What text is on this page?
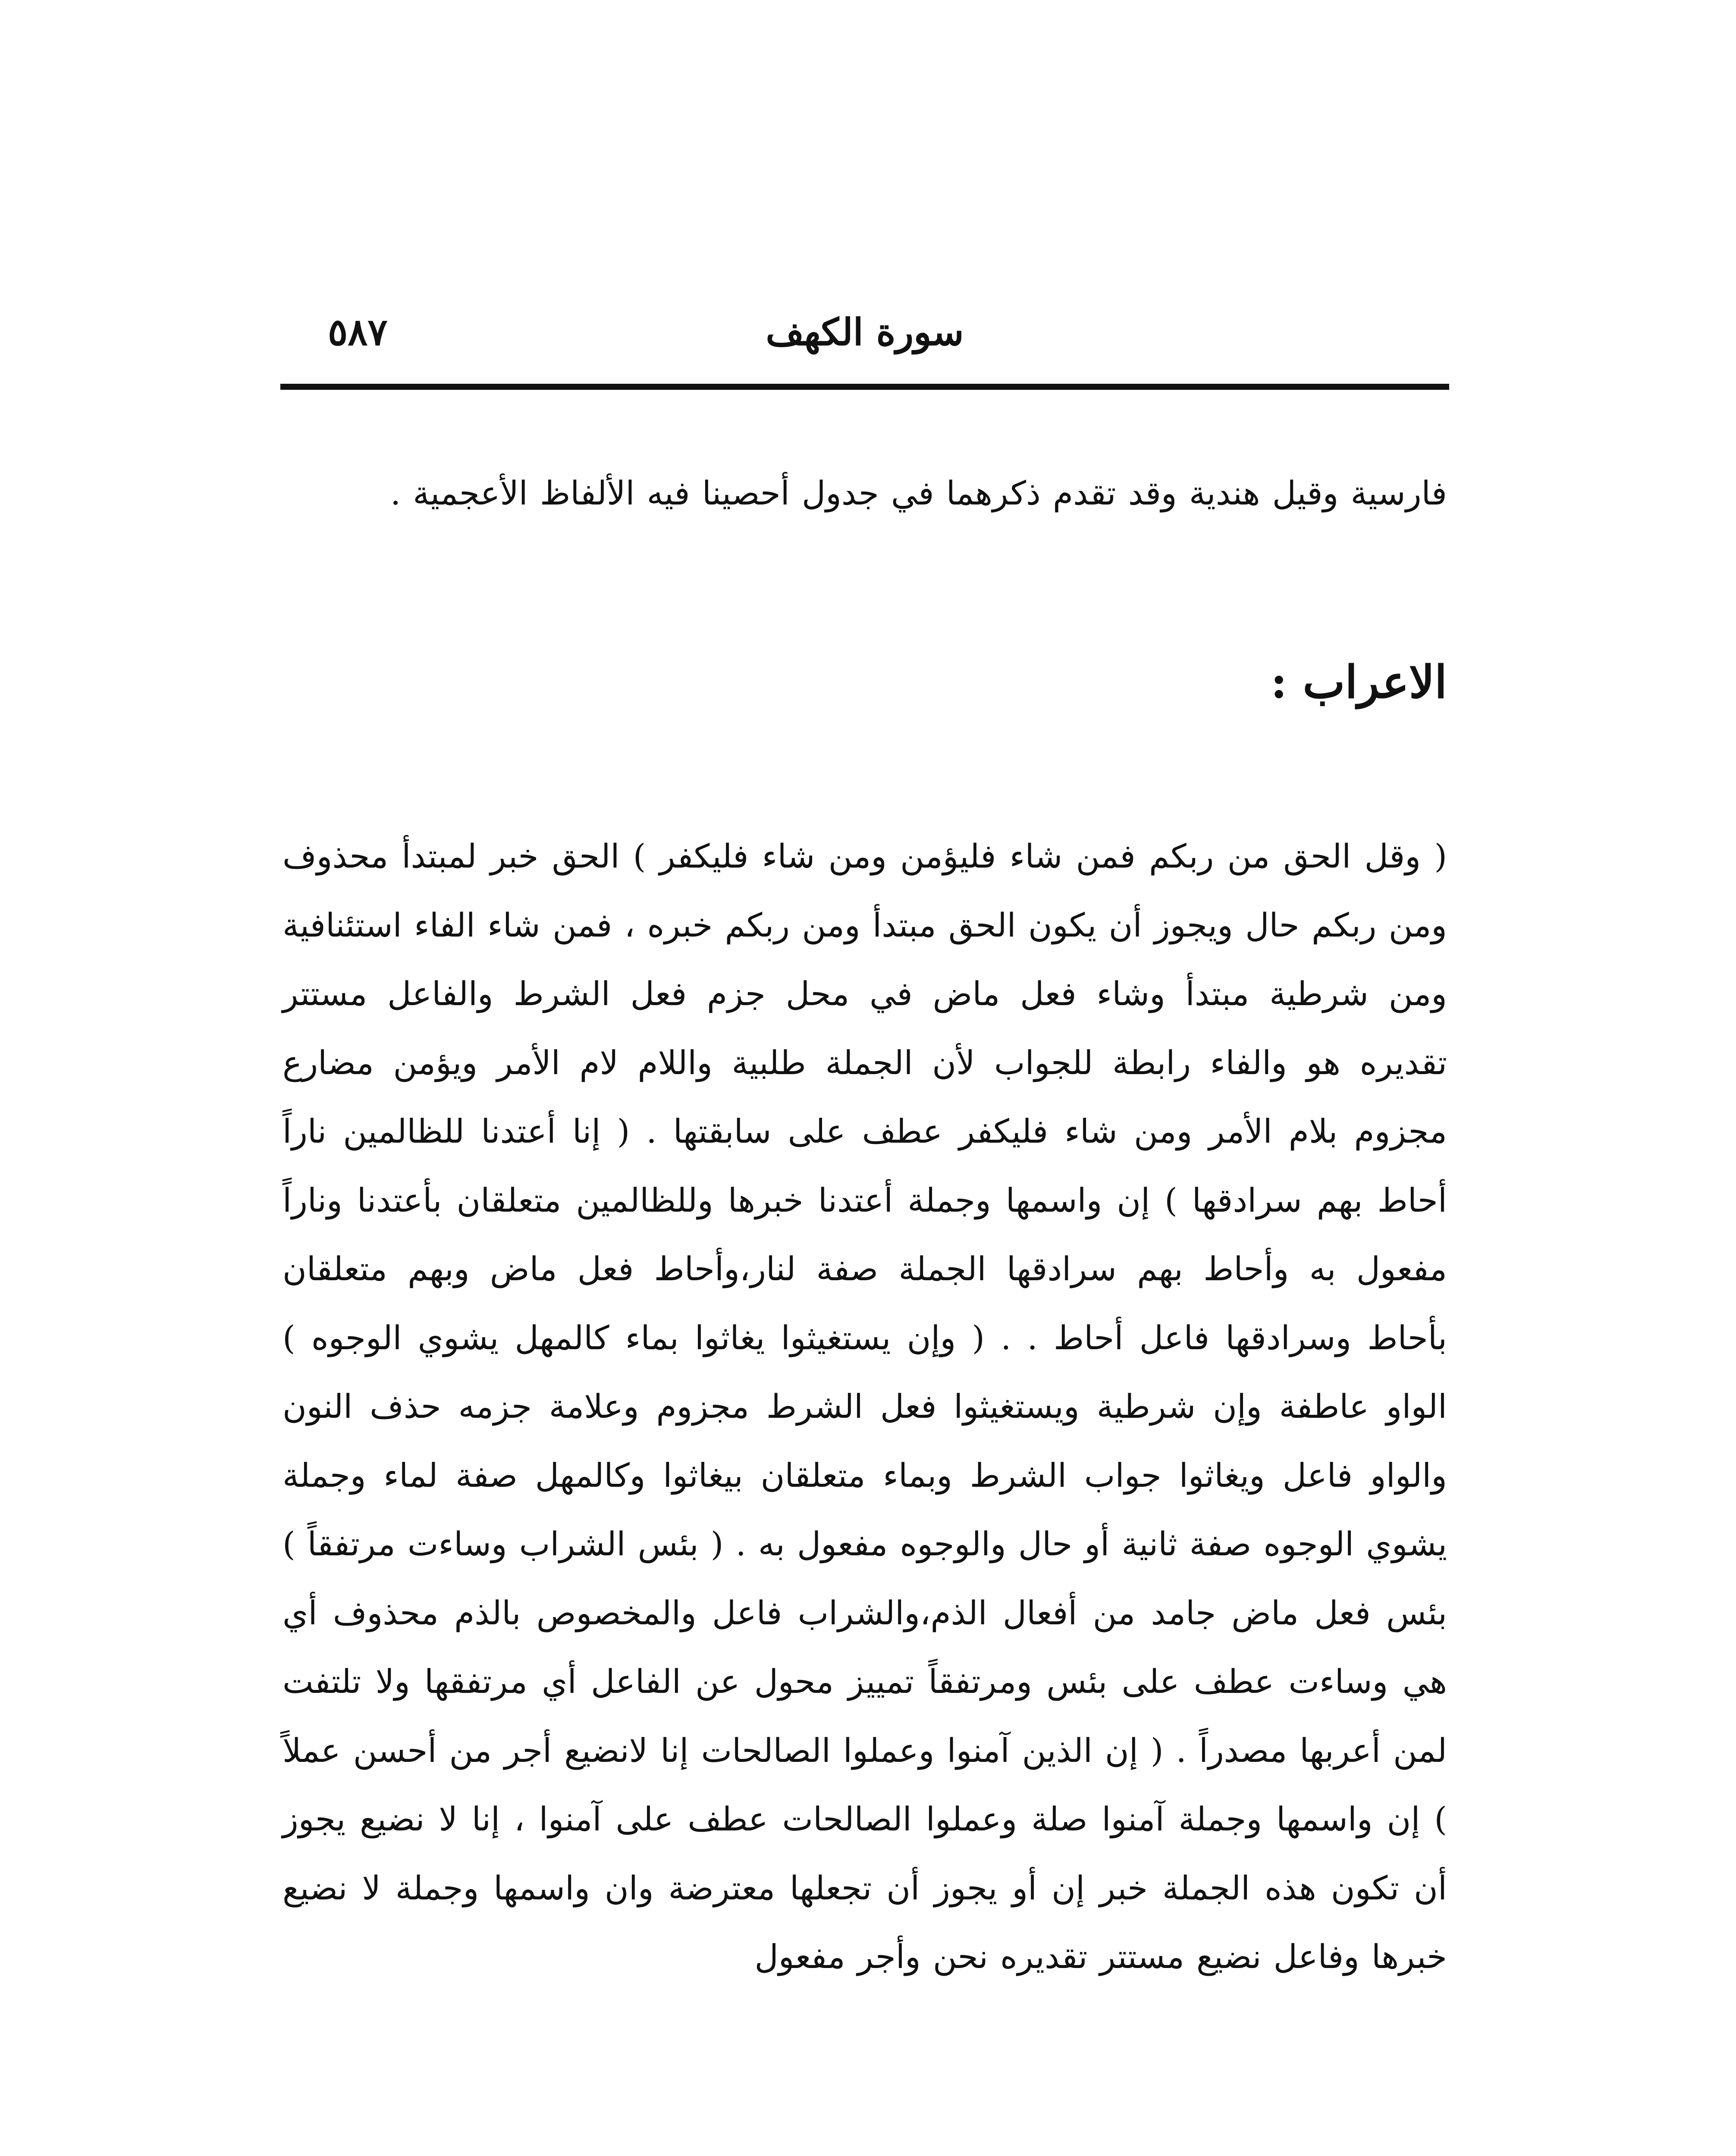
٥٨٧	سورة الكهف

فارسية وقيل هندية وقد تقدم ذكرهما في جدول أحصينا فيه الألفاظ الأعجمية .

الاعراب :

( وقل الحق من ربكم فمن شاء فليؤمن ومن شاء فليكفر ) الحق خبر لمبتدأ محذوف ومن ربكم حال ويجوز أن يكون الحق مبتدأ ومن ربكم خبره ، فمن شاء الفاء استئنافية ومن شرطية مبتدأ وشاء فعل ماض في محل جزم فعل الشرط والفاعل مستتر تقديره هو والفاء رابطة للجواب لأن الجملة طلبية واللام لام الأمر ويؤمن مضارع مجزوم بلام الأمر ومن شاء فليكفر عطف على سابقتها . ( إنا أعتدنا للظالمين ناراً أحاط بهم سرادقها ) إن واسمها وجملة أعتدنا خبرها وللظالمين متعلقان بأعتدنا وناراً مفعول به وأحاط بهم سرادقها الجملة صفة لنار،وأحاط فعل ماض وبهم متعلقان بأحاط وسرادقها فاعل أحاط . . ( وإن يستغيثوا يغاثوا بماء كالمهل يشوي الوجوه ) الواو عاطفة وإن شرطية ويستغيثوا فعل الشرط مجزوم وعلامة جزمه حذف النون والواو فاعل ويغاثوا جواب الشرط وبماء متعلقان بيغاثوا وكالمهل صفة لماء وجملة يشوي الوجوه صفة ثانية أو حال والوجوه مفعول به . ( بئس الشراب وساءت مرتفقاً ) بئس فعل ماض جامد من أفعال الذم،والشراب فاعل والمخصوص بالذم محذوف أي هي وساءت عطف على بئس ومرتفقاً تمييز محول عن الفاعل أي مرتفقها ولا تلتفت لمن أعربها مصدراً . ( إن الذين آمنوا وعملوا الصالحات إنا لانضيع أجر من أحسن عملاً ) إن واسمها وجملة آمنوا صلة وعملوا الصالحات عطف على آمنوا ، إنا لا نضيع يجوز أن تكون هذه الجملة خبر إن أو يجوز أن تجعلها معترضة وان واسمها وجملة لا نضيع خبرها وفاعل نضيع مستتر تقديره نحن وأجر مفعول
